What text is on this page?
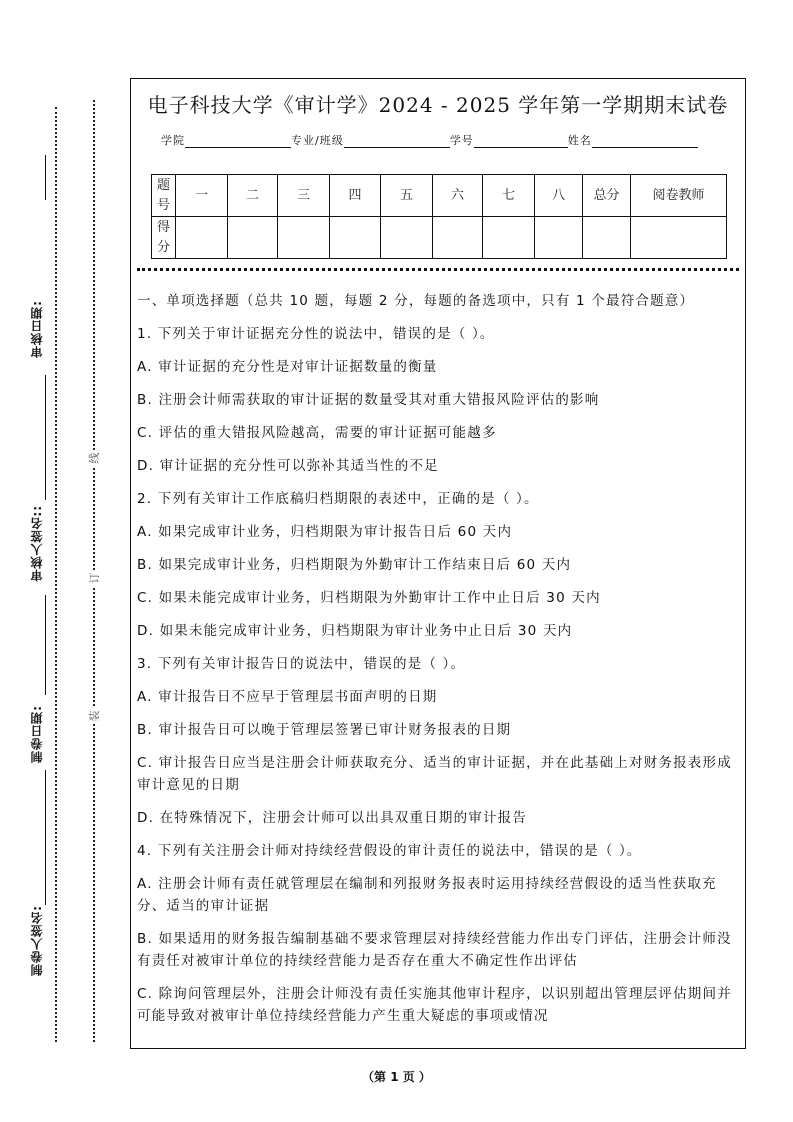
审核日期:
审核人签名::
制卷日期:
制卷人签名:
线
订
装
电子科技大学《审计学》2024 - 2025 学年第一学期期末试卷
学院	专业/班级	学号	姓名
题号	一	二	三	四	五	六	七	八	总分	阅卷教师
得分										

一、单项选择题（总共 10 题，每题 2 分，每题的备选项中，只有 1 个最符合题意）

1. 下列关于审计证据充分性的说法中，错误的是（ ）。

A. 审计证据的充分性是对审计证据数量的衡量

B. 注册会计师需获取的审计证据的数量受其对重大错报风险评估的影响

C. 评估的重大错报风险越高，需要的审计证据可能越多

D. 审计证据的充分性可以弥补其适当性的不足

2. 下列有关审计工作底稿归档期限的表述中，正确的是（ ）。

A. 如果完成审计业务，归档期限为审计报告日后 60 天内

B. 如果完成审计业务，归档期限为外勤审计工作结束日后 60 天内

C. 如果未能完成审计业务，归档期限为外勤审计工作中止日后 30 天内

D. 如果未能完成审计业务，归档期限为审计业务中止日后 30 天内

3. 下列有关审计报告日的说法中，错误的是（ ）。

A. 审计报告日不应早于管理层书面声明的日期

B. 审计报告日可以晚于管理层签署已审计财务报表的日期

C. 审计报告日应当是注册会计师获取充分、适当的审计证据，并在此基础上对财务报表形成审计意见的日期

D. 在特殊情况下，注册会计师可以出具双重日期的审计报告

4. 下列有关注册会计师对持续经营假设的审计责任的说法中，错误的是（ ）。

A. 注册会计师有责任就管理层在编制和列报财务报表时运用持续经营假设的适当性获取充分、适当的审计证据

B. 如果适用的财务报告编制基础不要求管理层对持续经营能力作出专门评估，注册会计师没有责任对被审计单位的持续经营能力是否存在重大不确定性作出评估

C. 除询问管理层外，注册会计师没有责任实施其他审计程序，以识别超出管理层评估期间并可能导致对被审计单位持续经营能力产生重大疑虑的事项或情况

（第 1 页 ）
